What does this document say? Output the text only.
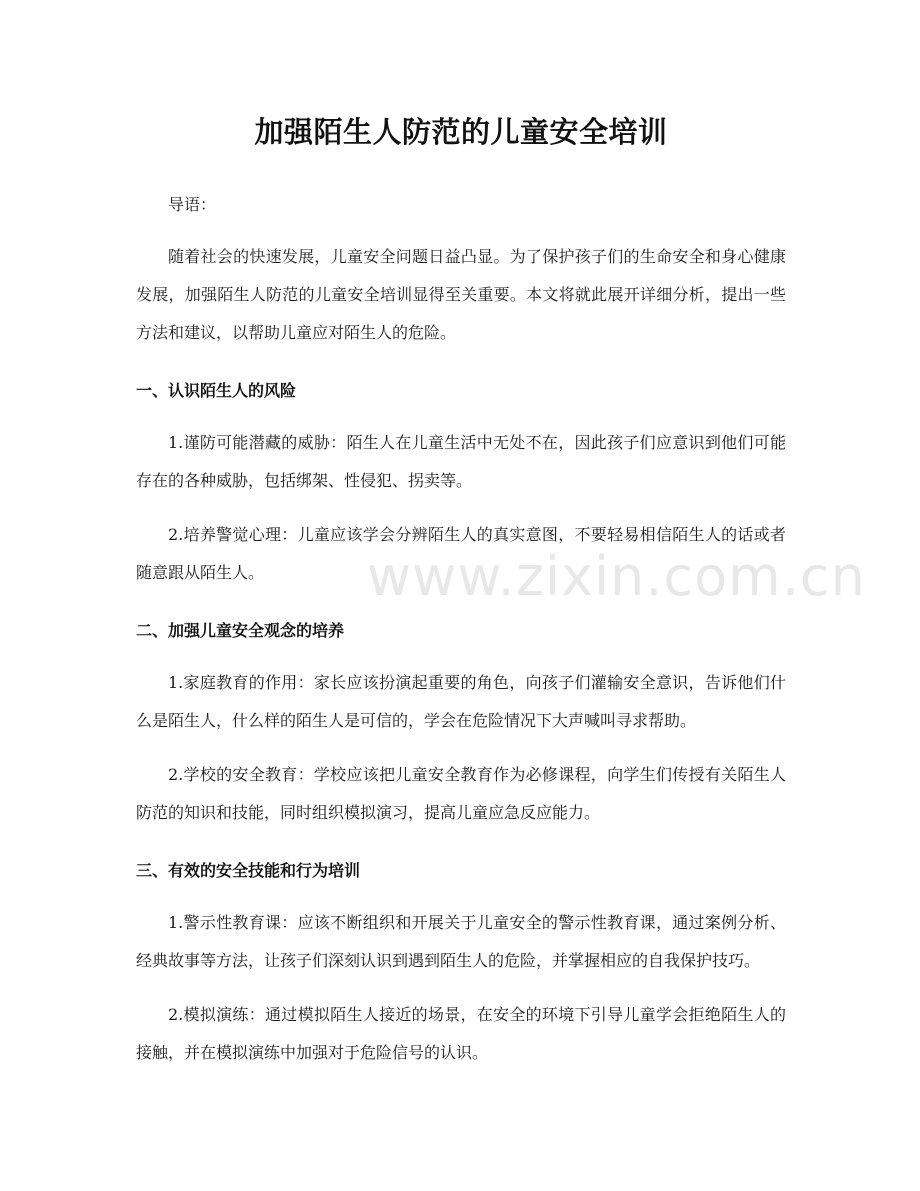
加强陌生人防范的儿童安全培训

导语：

随着社会的快速发展，儿童安全问题日益凸显。为了保护孩子们的生命安全和身心健康发展，加强陌生人防范的儿童安全培训显得至关重要。本文将就此展开详细分析，提出一些方法和建议，以帮助儿童应对陌生人的危险。

一、认识陌生人的风险

1.谨防可能潜藏的威胁：陌生人在儿童生活中无处不在，因此孩子们应意识到他们可能存在的各种威胁，包括绑架、性侵犯、拐卖等。

2.培养警觉心理：儿童应该学会分辨陌生人的真实意图，不要轻易相信陌生人的话或者随意跟从陌生人。

二、加强儿童安全观念的培养

1.家庭教育的作用：家长应该扮演起重要的角色，向孩子们灌输安全意识，告诉他们什么是陌生人，什么样的陌生人是可信的，学会在危险情况下大声喊叫寻求帮助。

2.学校的安全教育：学校应该把儿童安全教育作为必修课程，向学生们传授有关陌生人防范的知识和技能，同时组织模拟演习，提高儿童应急反应能力。

三、有效的安全技能和行为培训

1.警示性教育课：应该不断组织和开展关于儿童安全的警示性教育课，通过案例分析、经典故事等方法，让孩子们深刻认识到遇到陌生人的危险，并掌握相应的自我保护技巧。

2.模拟演练：通过模拟陌生人接近的场景，在安全的环境下引导儿童学会拒绝陌生人的接触，并在模拟演练中加强对于危险信号的认识。

www.zixin.com.cn
